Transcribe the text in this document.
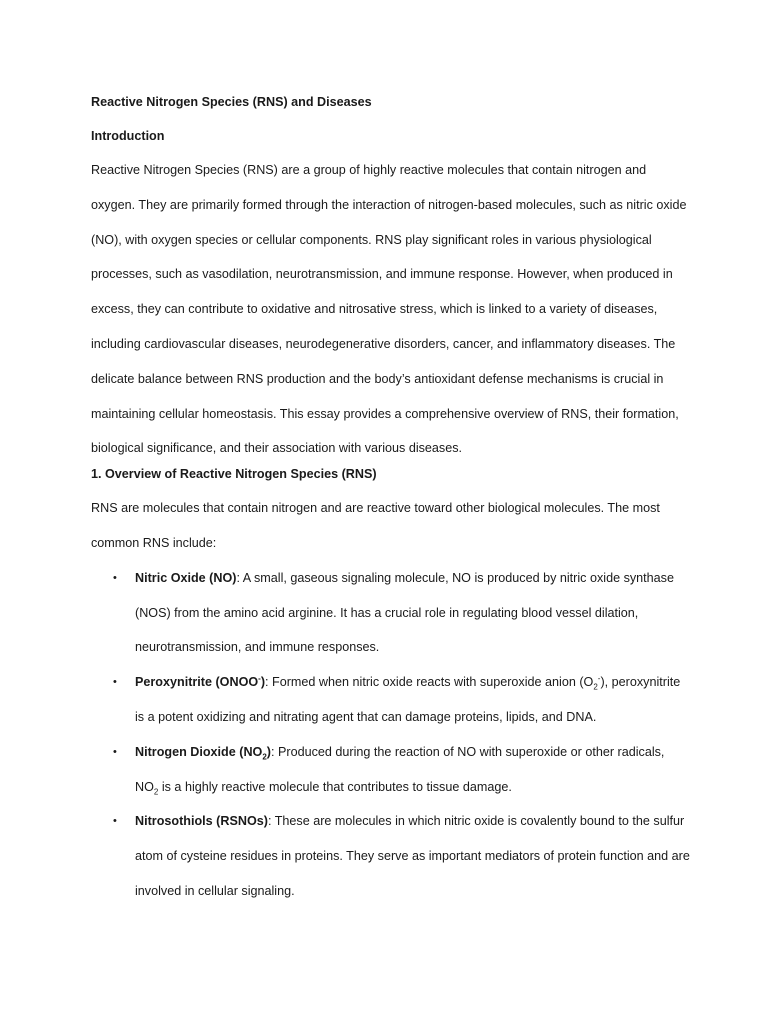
Reactive Nitrogen Species (RNS) and Diseases
Introduction

Reactive Nitrogen Species (RNS) are a group of highly reactive molecules that contain nitrogen and oxygen. They are primarily formed through the interaction of nitrogen-based molecules, such as nitric oxide (NO), with oxygen species or cellular components. RNS play significant roles in various physiological processes, such as vasodilation, neurotransmission, and immune response. However, when produced in excess, they can contribute to oxidative and nitrosative stress, which is linked to a variety of diseases, including cardiovascular diseases, neurodegenerative disorders, cancer, and inflammatory diseases. The delicate balance between RNS production and the body’s antioxidant defense mechanisms is crucial in maintaining cellular homeostasis. This essay provides a comprehensive overview of RNS, their formation, biological significance, and their association with various diseases.

1. Overview of Reactive Nitrogen Species (RNS)

RNS are molecules that contain nitrogen and are reactive toward other biological molecules. The most common RNS include:

• Nitric Oxide (NO): A small, gaseous signaling molecule, NO is produced by nitric oxide synthase (NOS) from the amino acid arginine. It has a crucial role in regulating blood vessel dilation, neurotransmission, and immune responses.
• Peroxynitrite (ONOO-): Formed when nitric oxide reacts with superoxide anion $(O_2^-)$, peroxynitrite is a potent oxidizing and nitrating agent that can damage proteins, lipids, and DNA.
• Nitrogen Dioxide $(NO_2)$: Produced during the reaction of NO with superoxide or other radicals, $NO_2$ is a highly reactive molecule that contributes to tissue damage.
• Nitrosothiols (RSNOs): These are molecules in which nitric oxide is covalently bound to the sulfur atom of cysteine residues in proteins. They serve as important mediators of protein function and are involved in cellular signaling.
